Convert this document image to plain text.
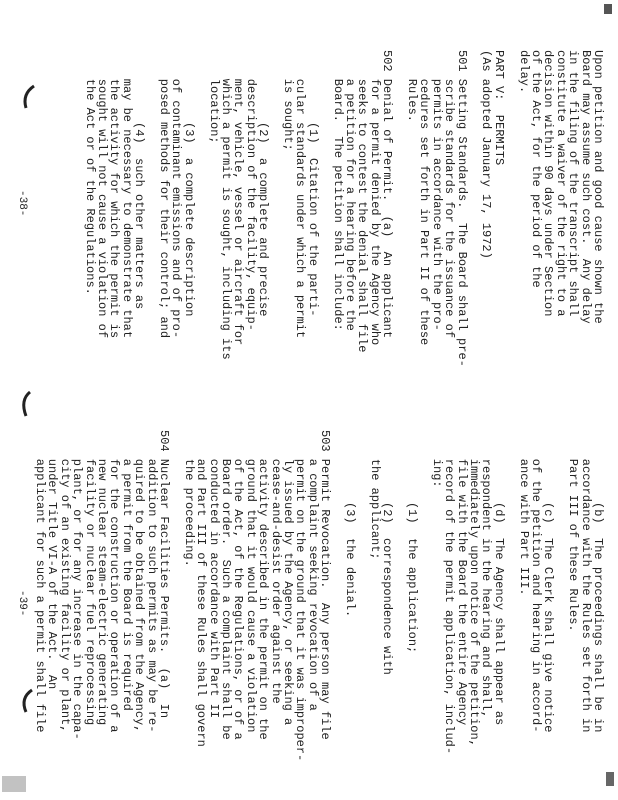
Upon petition and good cause shown the
Board may assume such cost.  Any delay
in the filing of the transcript shall
constitute a waiver of the right to a
decision within 90 days under Section
of the Act, for the period of the
delay.
PART V:  PERMITS
(As adopted January 17, 1972)
501 Setting Standards.  The Board shall pre-
scribe standards for the issuance of
permits in accordance with the pro-
cedures set forth in Part II of these
Rules.
502 Denial of Permit.  (a)  An applicant
for a permit denied by the Agency who
seeks to contest the denial shall file
a petition for a hearing before the
Board.  The petition shall include:
(1)  Citation of the parti-
cular standards under which a permit
is sought;
(2)  a complete and precise
description of the facility, equip-
ment, vehicle, vessel or aircraft for
which a permit is sought, including its
location;
(3)  a complete description
of contaminant emissions and of pro-
posed methods for their control; and
(4)  such other matters as
may be necessary to demonstrate that
the activity for which the permit is
sought will not cause a violation of
the Act or of the Regulations.
(b)  The proceedings shall be in
accordance with the Rules set forth in
Part III of these Rules.
(c)  The Clerk shall give notice
of the petition and hearing in accord-
ance with Part III.
(d)  The Agency shall appear as
respondent in the hearing and shall,
immediately upon notice of the petition,
file with the Board the entire Agency
record of the permit application, includ-
ing:
(1)  the application;
(2)  correspondence with
the applicant;
(3)  the denial.
503 Permit Revocation.  Any person may file
a complaint seeking revocation of a
permit on the ground that it was improper-
ly issued by the Agency, or seeking a
cease-and-desist order against the
activity described in the permit on the
ground that it would cause a violation
of the Act, of the Regulations, or of a
Board order.  Such a complaint shall be
conducted in accordance with Part II
and Part III of these Rules shall govern
the proceeding.
504 Nuclear Facilities Permits.  (a)  In
addition to such permits as may be re-
quired to be obtained from the Agency,
a permit from the Board is required
for the construction or operation of a
new nuclear steam-electric generating
facility or nuclear fuel reprocessing
plant, or for any increase in the capa-
city of an existing facility or plant,
under Title VI-A of the Act.  An
applicant for such a permit shall file
-38-
-39-
